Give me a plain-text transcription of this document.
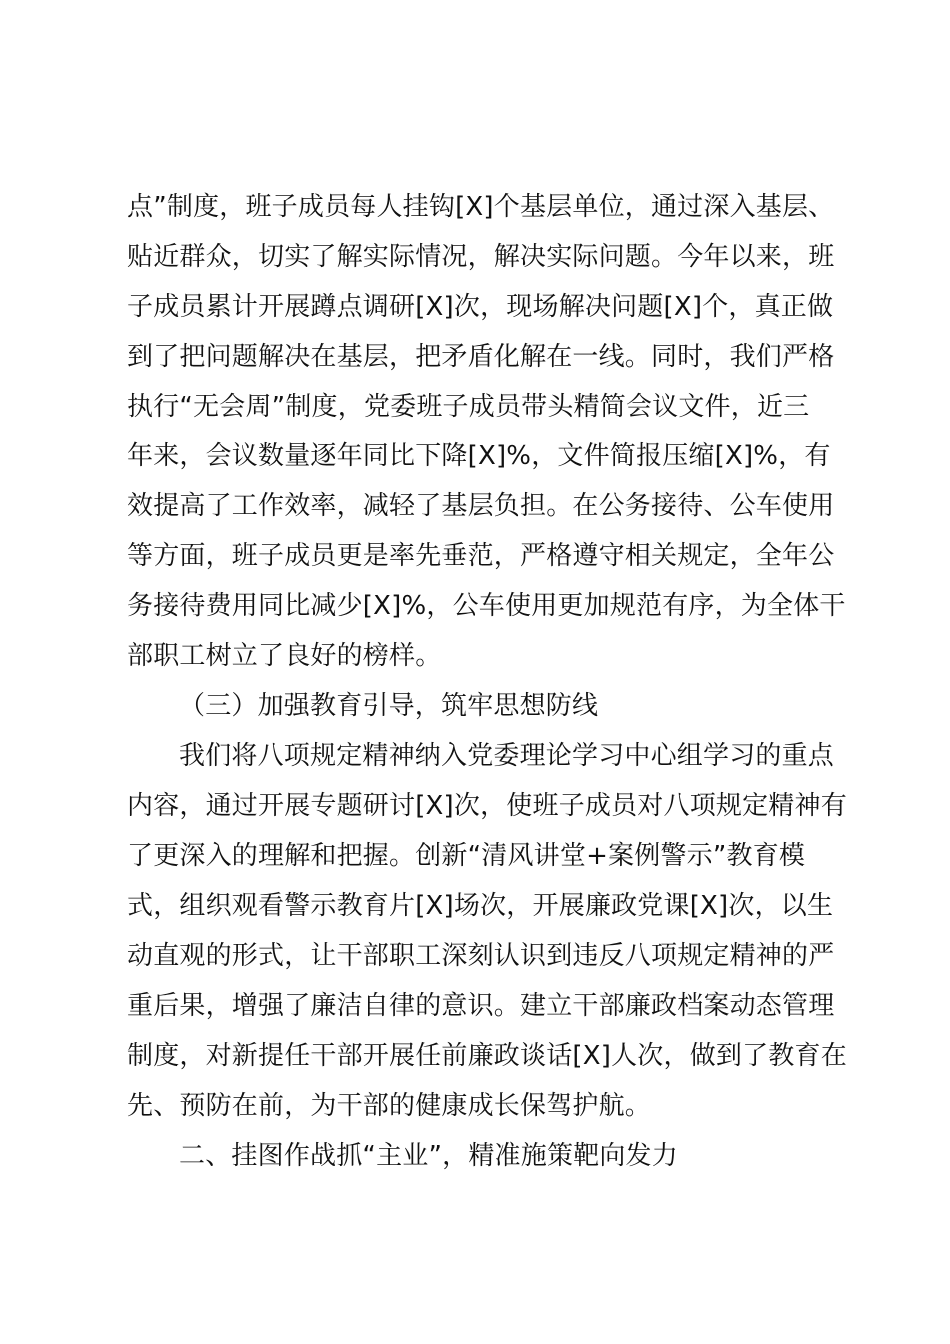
点”制度，班子成员每人挂钩[X]个基层单位，通过深入基层、
贴近群众，切实了解实际情况，解决实际问题。今年以来，班
子成员累计开展蹲点调研[X]次，现场解决问题[X]个，真正做
到了把问题解决在基层，把矛盾化解在一线。同时，我们严格
执行“无会周”制度，党委班子成员带头精简会议文件，近三
年来，会议数量逐年同比下降[X]%，文件简报压缩[X]%，有
效提高了工作效率，减轻了基层负担。在公务接待、公车使用
等方面，班子成员更是率先垂范，严格遵守相关规定，全年公
务接待费用同比减少[X]%，公车使用更加规范有序，为全体干
部职工树立了良好的榜样。
（三）加强教育引导，筑牢思想防线
我们将八项规定精神纳入党委理论学习中心组学习的重点
内容，通过开展专题研讨[X]次，使班子成员对八项规定精神有
了更深入的理解和把握。创新“清风讲堂+案例警示”教育模
式，组织观看警示教育片[X]场次，开展廉政党课[X]次，以生
动直观的形式，让干部职工深刻认识到违反八项规定精神的严
重后果，增强了廉洁自律的意识。建立干部廉政档案动态管理
制度，对新提任干部开展任前廉政谈话[X]人次，做到了教育在
先、预防在前，为干部的健康成长保驾护航。
二、挂图作战抓“主业”，精准施策靶向发力
